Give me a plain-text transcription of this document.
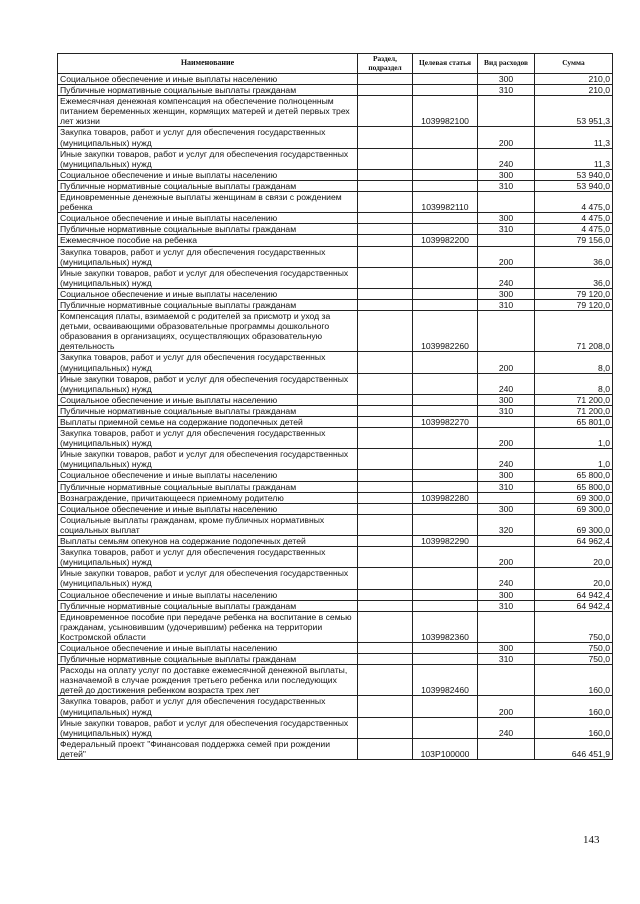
Наименование	Раздел, подраздел	Целевая статья	Вид расходов	Сумма
Социальное обеспечение и иные выплаты населению			300	210,0
Публичные нормативные социальные выплаты гражданам			310	210,0
Ежемесячная денежная компенсация на обеспечение полноценным питанием беременных женщин, кормящих матерей и детей первых трех лет жизни		1039982100		53 951,3
Закупка товаров, работ и услуг для обеспечения государственных (муниципальных) нужд			200	11,3
Иные закупки товаров, работ и услуг для обеспечения государственных (муниципальных) нужд			240	11,3
Социальное обеспечение и иные выплаты населению			300	53 940,0
Публичные нормативные социальные выплаты гражданам			310	53 940,0
Единовременные денежные выплаты женщинам в связи с рождением ребенка		1039982110		4 475,0
Социальное обеспечение и иные выплаты населению			300	4 475,0
Публичные нормативные социальные выплаты гражданам			310	4 475,0
Ежемесячное пособие на ребенка		1039982200		79 156,0
Закупка товаров, работ и услуг для обеспечения государственных (муниципальных) нужд			200	36,0
Иные закупки товаров, работ и услуг для обеспечения государственных (муниципальных) нужд			240	36,0
Социальное обеспечение и иные выплаты населению			300	79 120,0
Публичные нормативные социальные выплаты гражданам			310	79 120,0
Компенсация платы, взимаемой с родителей за присмотр и уход за детьми, осваивающими образовательные программы дошкольного образования в организациях, осуществляющих образовательную деятельность		1039982260		71 208,0
Закупка товаров, работ и услуг для обеспечения государственных (муниципальных) нужд			200	8,0
Иные закупки товаров, работ и услуг для обеспечения государственных (муниципальных) нужд			240	8,0
Социальное обеспечение и иные выплаты населению			300	71 200,0
Публичные нормативные социальные выплаты гражданам			310	71 200,0
Выплаты приемной семье на содержание подопечных детей		1039982270		65 801,0
Закупка товаров, работ и услуг для обеспечения государственных (муниципальных) нужд			200	1,0
Иные закупки товаров, работ и услуг для обеспечения государственных (муниципальных) нужд			240	1,0
Социальное обеспечение и иные выплаты населению			300	65 800,0
Публичные нормативные социальные выплаты гражданам			310	65 800,0
Вознаграждение, причитающееся приемному родителю		1039982280		69 300,0
Социальное обеспечение и иные выплаты населению			300	69 300,0
Социальные выплаты гражданам, кроме публичных нормативных социальных выплат			320	69 300,0
Выплаты семьям опекунов на содержание подопечных детей		1039982290		64 962,4
Закупка товаров, работ и услуг для обеспечения государственных (муниципальных) нужд			200	20,0
Иные закупки товаров, работ и услуг для обеспечения государственных (муниципальных) нужд			240	20,0
Социальное обеспечение и иные выплаты населению			300	64 942,4
Публичные нормативные социальные выплаты гражданам			310	64 942,4
Единовременное пособие при передаче ребенка на воспитание в семью гражданам, усыновившим (удочерившим) ребенка на территории Костромской области		1039982360		750,0
Социальное обеспечение и иные выплаты населению			300	750,0
Публичные нормативные социальные выплаты гражданам			310	750,0
Расходы на оплату услуг по доставке ежемесячной денежной выплаты, назначаемой в случае рождения третьего ребенка или последующих детей до достижения ребенком возраста трех лет		1039982460		160,0
Закупка товаров, работ и услуг для обеспечения государственных (муниципальных) нужд			200	160,0
Иные закупки товаров, работ и услуг для обеспечения государственных (муниципальных) нужд			240	160,0
Федеральный проект "Финансовая поддержка семей при рождении детей"		103P100000		646 451,9
143
